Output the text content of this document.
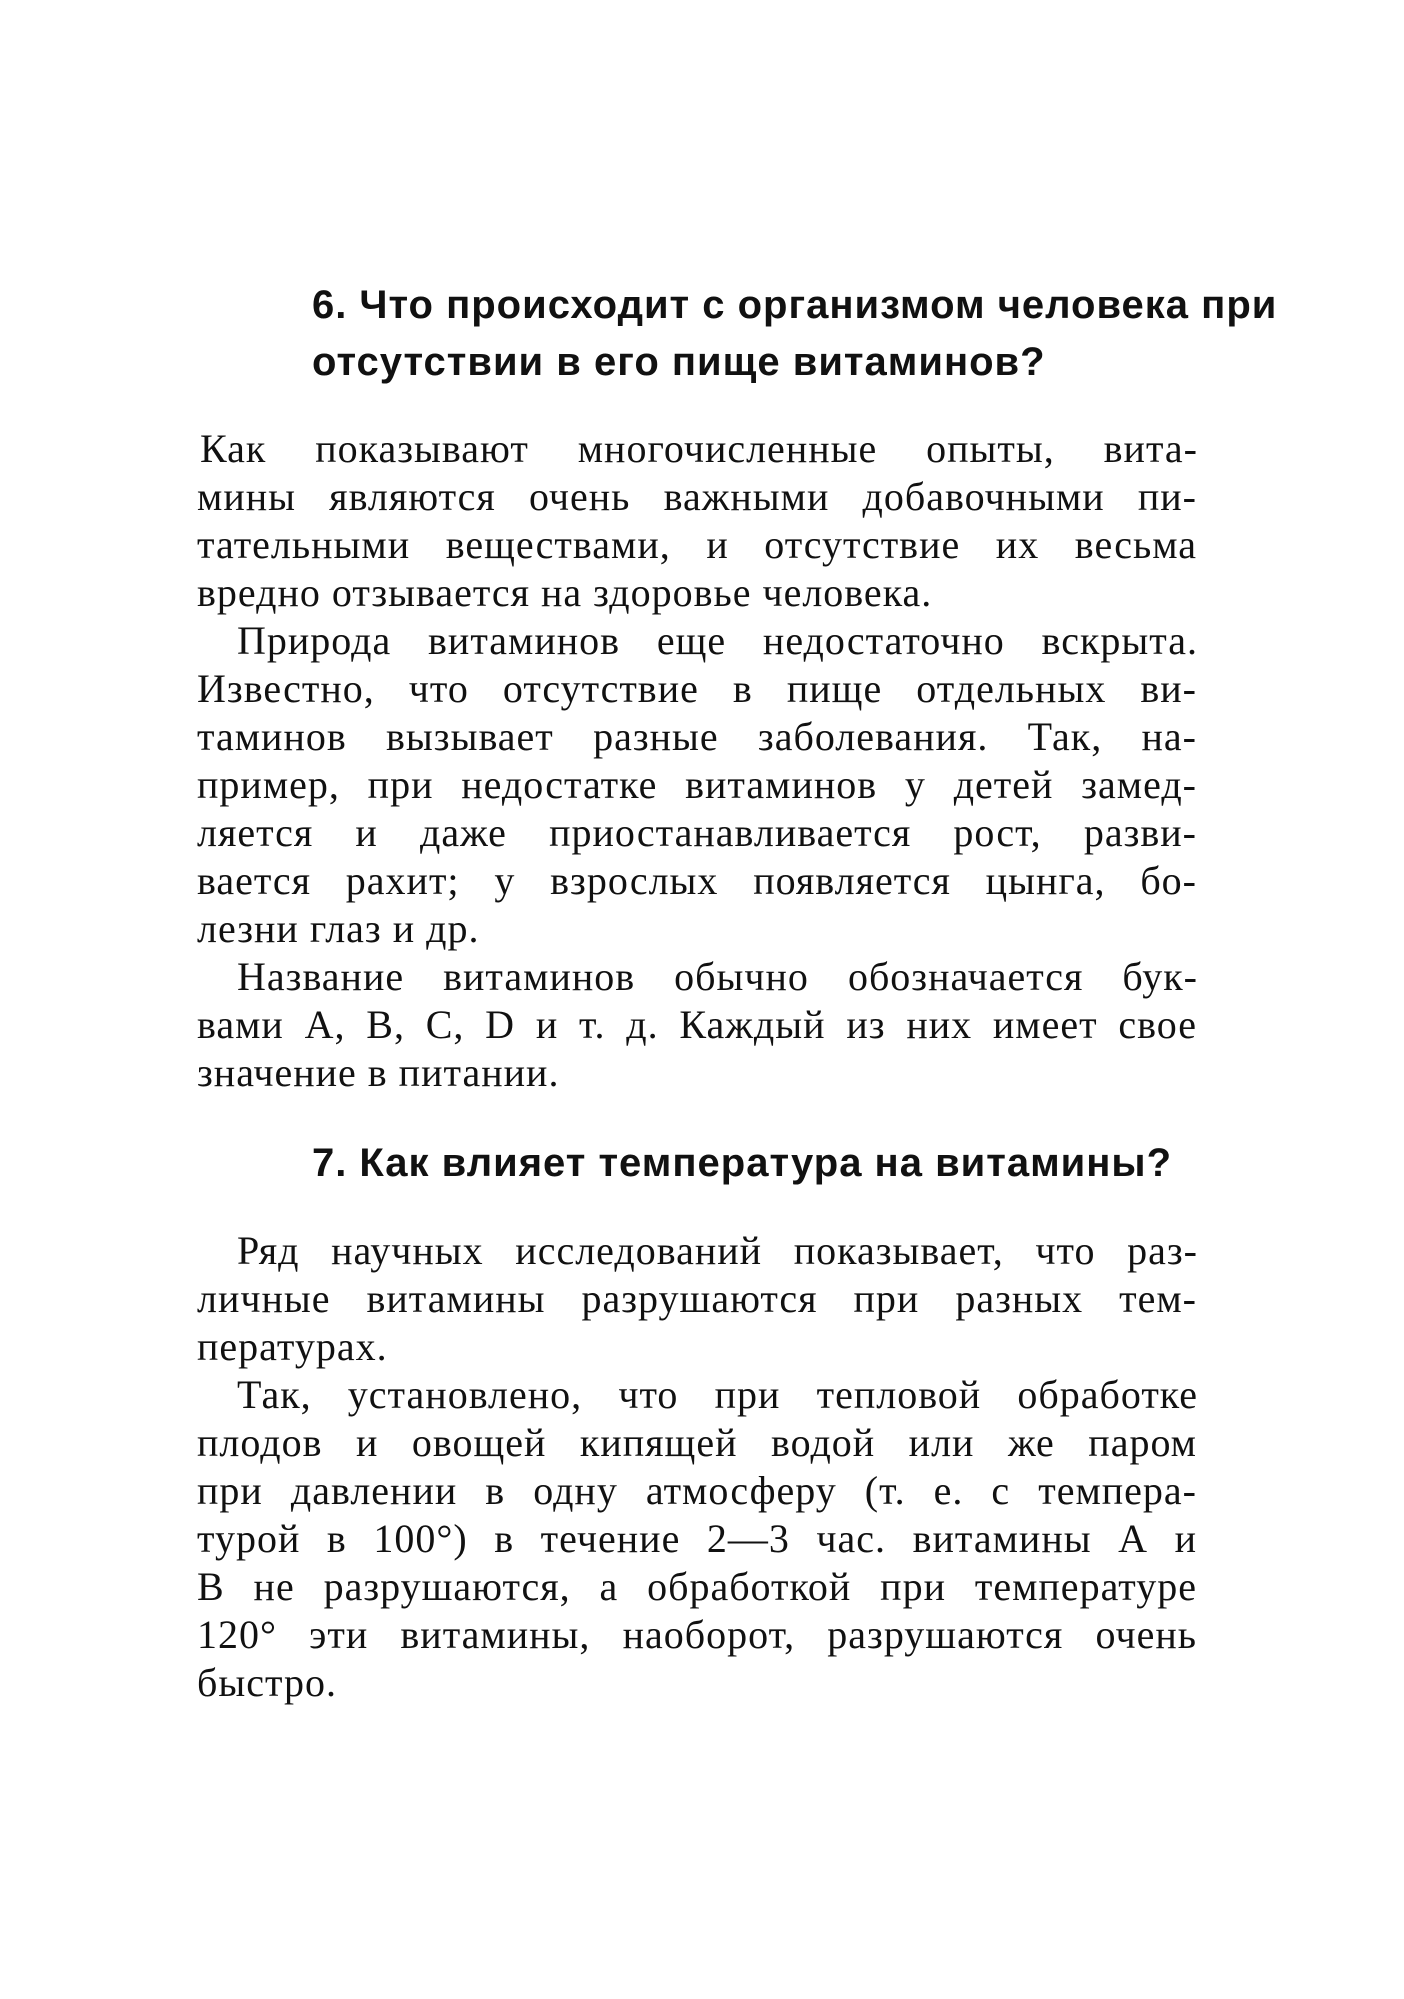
6. Что происходит с организмом человека при
отсутствии в его пище витаминов?

Как показывают многочисленные опыты, вита-

мины являются очень важными добавочными пи-

тательными веществами, и отсутствие их весьма

вредно отзывается на здоровье человека.

Природа витаминов еще недостаточно вскрыта.

Известно, что отсутствие в пище отдельных ви-

таминов вызывает разные заболевания. Так, на-

пример, при недостатке витаминов у детей замед-

ляется и даже приостанавливается рост, разви-

вается рахит; у взрослых появляется цынга, бо-

лезни глаз и др.

Название витаминов обычно обозначается бук-

вами А, В, С, D и т. д. Каждый из них имеет свое

значение в питании.

7. Как влияет температура на витамины?

Ряд научных исследований показывает, что раз-

личные витамины разрушаются при разных тем-

пературах.

Так, установлено, что при тепловой обработке

плодов и овощей кипящей водой или же паром

при давлении в одну атмосферу (т. е. с темпера-

турой в 100°) в течение 2—3 час. витамины А и

В не разрушаются, а обработкой при температуре

120° эти витамины, наоборот, разрушаются очень

быстро.
